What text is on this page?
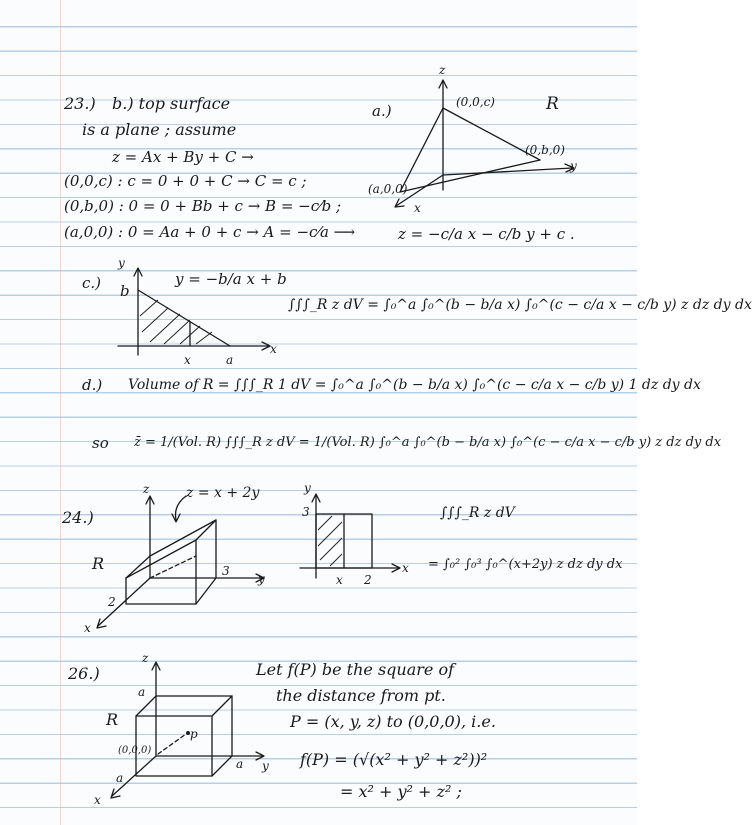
23.) b.) top surface
is a plane ; assume
z = Ax + By + C →
(0,0,c) : c = 0 + 0 + C → C = c ;
(0,b,0) : 0 = 0 + Bb + c → B = −c⁄b ;
(a,0,0) : 0 = Aa + 0 + c → A = −c⁄a ⟶	z = −c/a x − c/b y + c .
a.)
z
(0,0,c)	R
(0,b,0)
y
(a,0,0)
x
c.)
y
b
y = −b/a x + b
x	a
x
∫∫∫_R z dV = ∫₀^a ∫₀^(b − b/a x) ∫₀^(c − c/a x − c/b y) z dz dy dx
d.) Volume of R = ∫∫∫_R 1 dV = ∫₀^a ∫₀^(b − b/a x) ∫₀^(c − c/a x − c/b y) 1 dz dy dx
so z̄ = 1/(Vol. R) ∫∫∫_R z dV = 1/(Vol. R) ∫₀^a ∫₀^(b − b/a x) ∫₀^(c − c/a x − c/b y) z dz dy dx
24.)
z	z = x + 2y
R	3
y
2
x
y
3
x 2
x
∫∫∫_R z dV
= ∫₀² ∫₀³ ∫₀^(x+2y) z dz dy dx
26.)
z
a
R
(0,0,0)
p
a y
a
x
Let f(P) be the square of
the distance from pt.
P = (x, y, z) to (0,0,0), i.e.
f(P) = (√(x² + y² + z²))²
= x² + y² + z² ;
